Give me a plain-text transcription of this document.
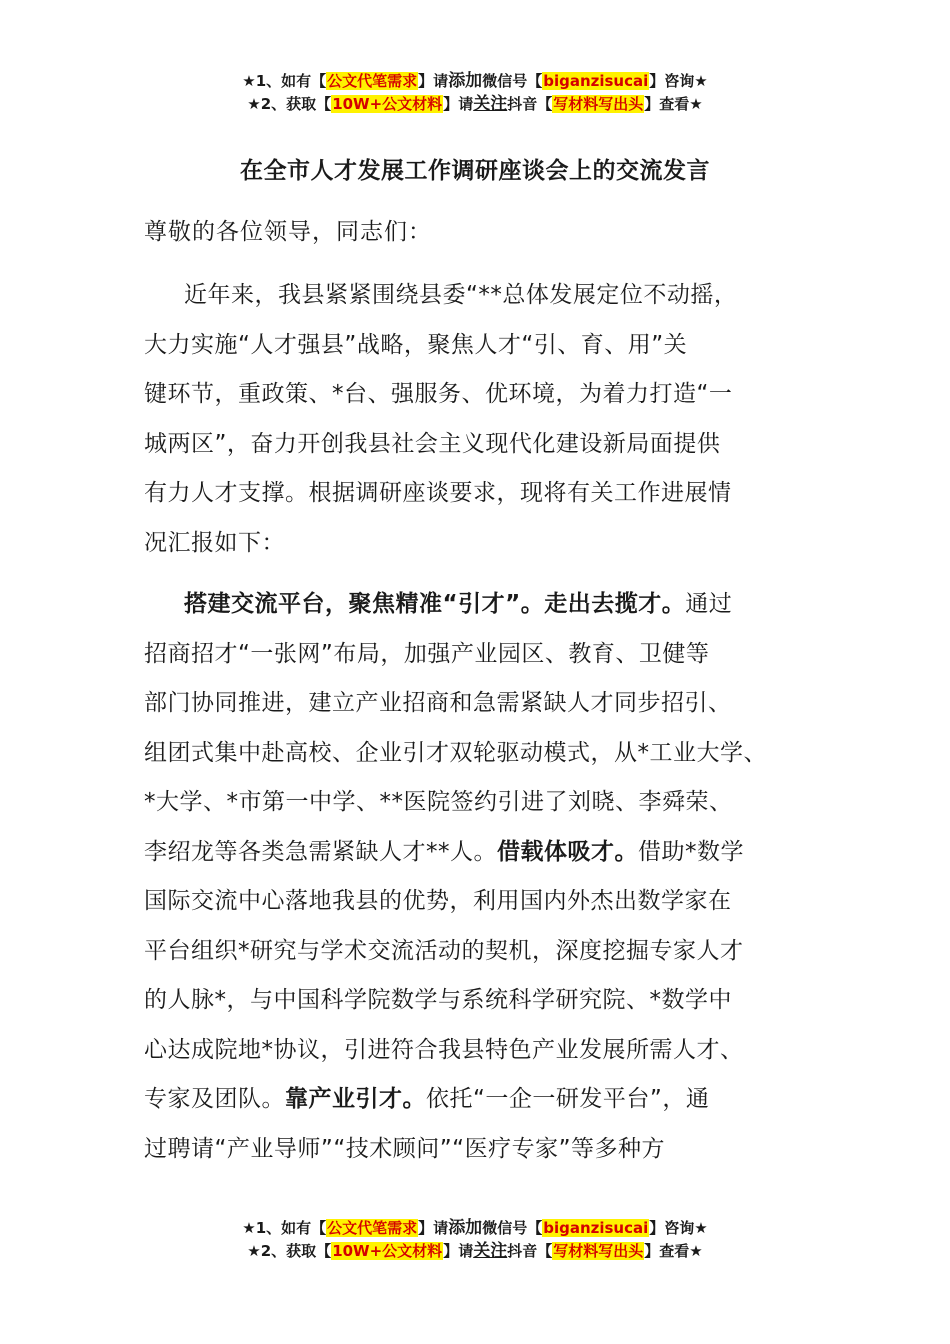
★1、如有【公文代笔需求】请添加微信号【biganzisucai】咨询★
★2、获取【10W+公文材料】请关注抖音【写材料写出头】查看★
在全市人才发展工作调研座谈会上的交流发言
尊敬的各位领导，同志们：
近年来，我县紧紧围绕县委“**总体发展定位不动摇，
大力实施“人才强县”战略，聚焦人才“引、育、用”关
键环节，重政策、*台、强服务、优环境，为着力打造“一
城两区”，奋力开创我县社会主义现代化建设新局面提供
有力人才支撑。根据调研座谈要求，现将有关工作进展情
况汇报如下：
搭建交流平台，聚焦精准“引才”。走出去揽才。通过
招商招才“一张网”布局，加强产业园区、教育、卫健等
部门协同推进，建立产业招商和急需紧缺人才同步招引、
组团式集中赴高校、企业引才双轮驱动模式，从*工业大学、
*大学、*市第一中学、**医院签约引进了刘晓、李舜荣、
李绍龙等各类急需紧缺人才**人。借载体吸才。借助*数学
国际交流中心落地我县的优势，利用国内外杰出数学家在
平台组织*研究与学术交流活动的契机，深度挖掘专家人才
的人脉*，与中国科学院数学与系统科学研究院、*数学中
心达成院地*协议，引进符合我县特色产业发展所需人才、
专家及团队。靠产业引才。依托“一企一研发平台”，通
过聘请“产业导师”“技术顾问”“医疗专家”等多种方
★1、如有【公文代笔需求】请添加微信号【biganzisucai】咨询★
★2、获取【10W+公文材料】请关注抖音【写材料写出头】查看★
